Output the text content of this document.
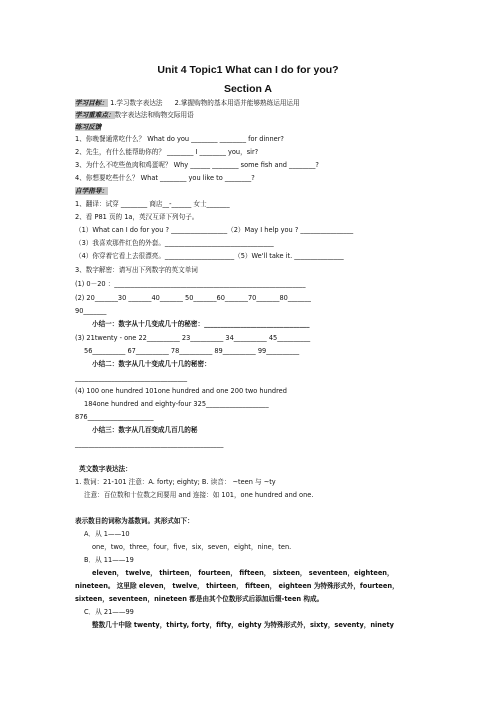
Unit 4 Topic1 What can I do for you?
Section A
学习目标： 1.学习数字表达法 2.掌握购物的基本用语并能够熟练运用运用
学习重难点：数字表达法和购物交际用语
练习反馈
1、你晚餐通常吃什么？ What do you ________ ________ for dinner?
2、先生，有什么能帮助你的？ ________ I ________ you，sir?
3、为什么不吃些鱼肉和鸡蛋呢？ Why ______ ________ some fish and ________?
4、你想要吃些什么？ What ________ you like to ________?
自学指导：
1、翻译：试穿 ________ 商店__-______ 女士_______
2、看 P81 页的 1a，英汉互译下列句子。
（1）What can I do for you ? _________________（2）May I help you ? ________________
（3）我喜欢那件红色的外套。_________________________________
（4）你穿着它看上去很漂亮。_____________________（5）We'll take it. _______________
3、数字解密：请写出下列数字的英文单词
(1) 0－20 ：__________________________________________________________
(2) 20_______30 _______40_______ 50_______60_______70_______80_______
90_______
小结一：数字从十几变成几十的秘密：________________________________
(3) 21twenty - one 22__________ 23__________ 34__________ 45__________
56__________ 67__________ 78__________ 89__________ 99__________
小结二：数字从几十变成几十几的秘密：
__________________________________
(4) 100 one hundred 101one hundred and one 200 two hundred
184one hundred and eighty-four 325___________________
876____________________
小结三：数字从几百变成几百几的秘
_____________________________________________
英文数字表达法：
1. 数词：21-101 注意：A. forty; eighty; B. 读音： ~teen 与 ~ty
注意：百位数和十位数之间要用 and 连接：如 101，one hundred and one.
表示数目的词称为基数词。其形式如下：
A．从 1——10
one，two，three，four，five，six，seven，eight，nine，ten.
B．从 11——19
eleven， twelve， thirteen， fourteen， fifteen， sixteen， seventeen，eighteen，
nineteen。 这里除 eleven， twelve， thirteen， fifteen， eighteen 为特殊形式外，fourteen，
sixteen，seventeen，nineteen 都是由其个位数形式后添加后缀-teen 构成。
C．从 21——99
整数几十中除 twenty，thirty, forty，fifty，eighty 为特殊形式外，sixty，seventy，ninety
